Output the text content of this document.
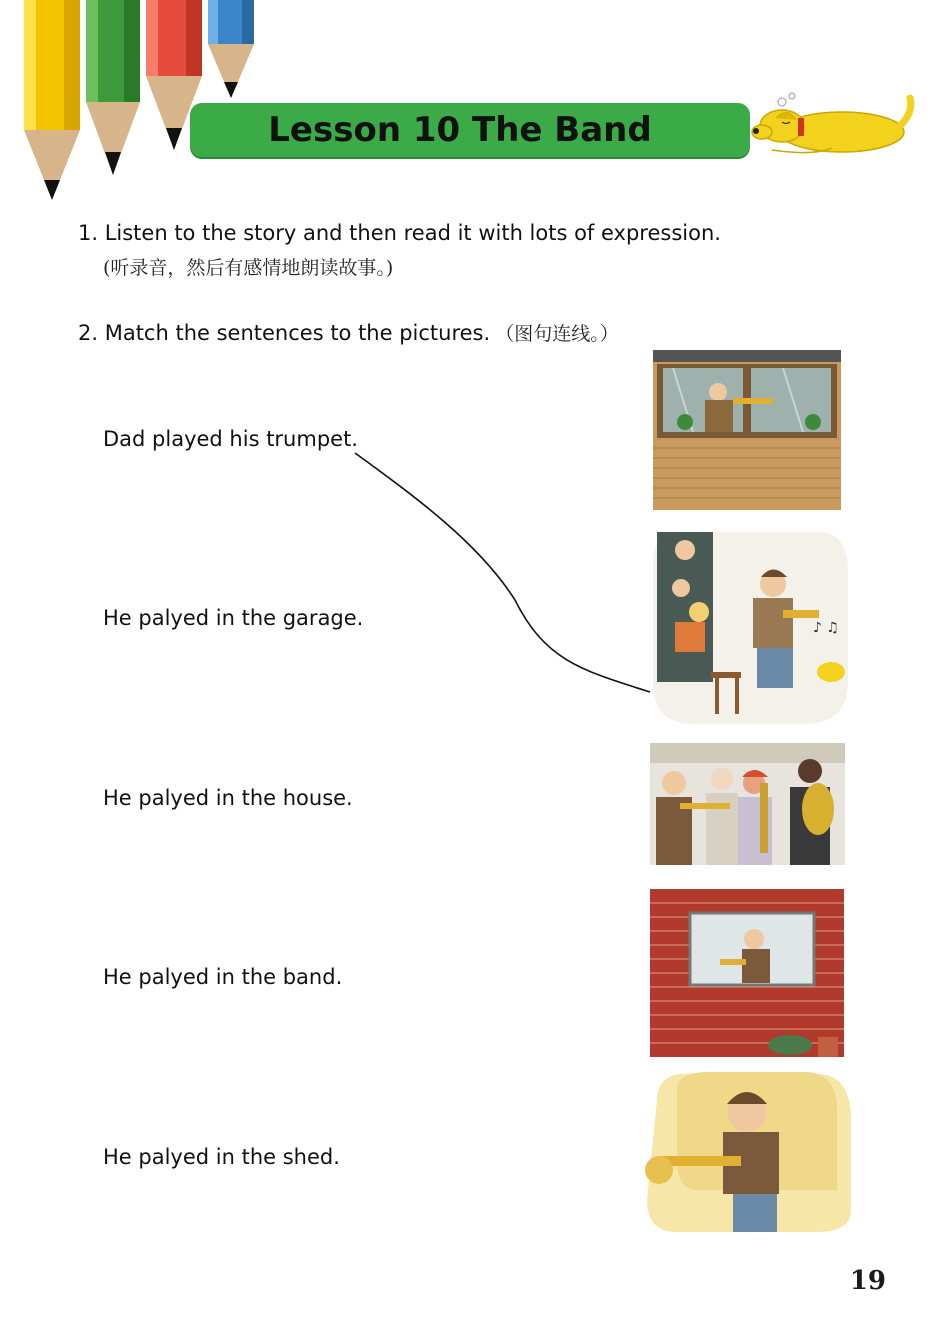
Lesson 10 The Band
1. Listen to the story and then read it with lots of expression.
(听录音，然后有感情地朗读故事。)
2. Match the sentences to the pictures. （图句连线。）
Dad played his trumpet.
He palyed in the garage.
He palyed in the house.
He palyed in the band.
He palyed in the shed.
♪ ♫
19
